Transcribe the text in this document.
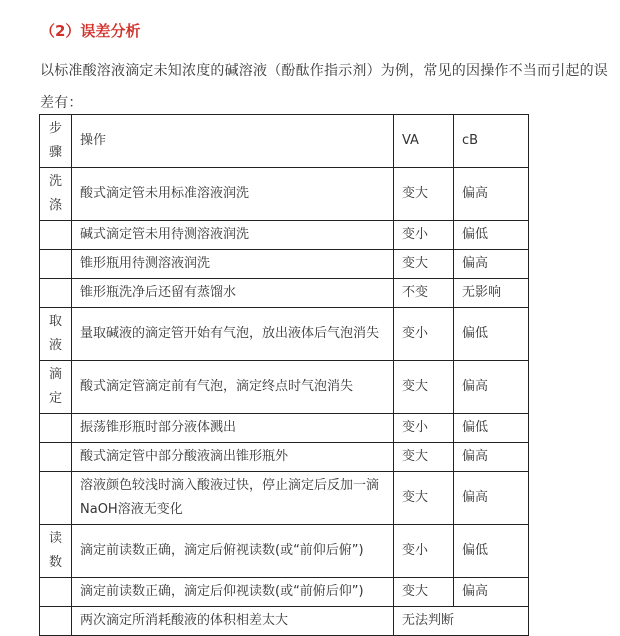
（2）误差分析
以标准酸溶液滴定未知浓度的碱溶液（酚酞作指示剂）为例，常见的因操作不当而引起的误差有：
步骤	操作	VA	cB
洗涤	酸式滴定管未用标准溶液润洗	变大	偏高
	碱式滴定管未用待测溶液润洗	变小	偏低
	锥形瓶用待测溶液润洗	变大	偏高
	锥形瓶洗净后还留有蒸馏水	不变	无影响
取液	量取碱液的滴定管开始有气泡，放出液体后气泡消失	变小	偏低
滴定	酸式滴定管滴定前有气泡，滴定终点时气泡消失	变大	偏高
	振荡锥形瓶时部分液体溅出	变小	偏低
	酸式滴定管中部分酸液滴出锥形瓶外	变大	偏高
	溶液颜色较浅时滴入酸液过快，停止滴定后反加一滴NaOH溶液无变化	变大	偏高
读数	滴定前读数正确，滴定后俯视读数(或“前仰后俯”)	变小	偏低
	滴定前读数正确，滴定后仰视读数(或“前俯后仰”)	变大	偏高
	两次滴定所消耗酸液的体积相差太大	无法判断	
